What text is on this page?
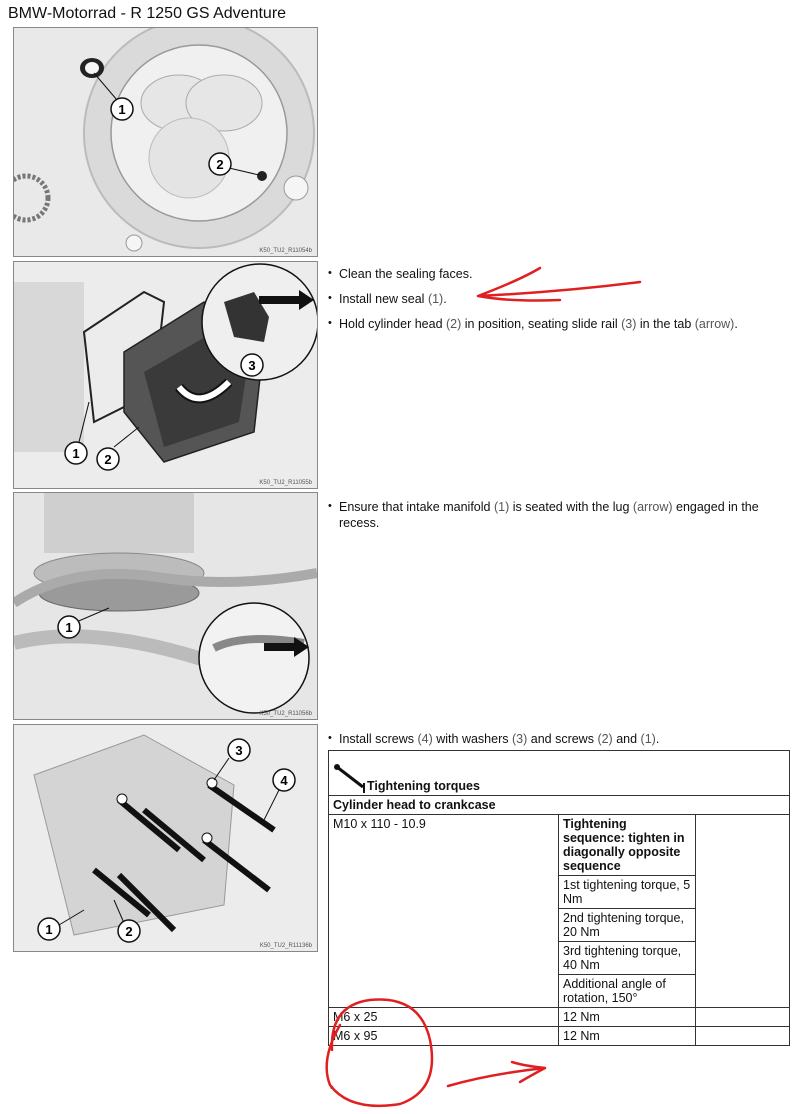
BMW-Motorrad - R 1250 GS Adventure
1
2
K50_TU2_R11054b
3
1 2
K50_TU2_R11055b
1
K50_TU2_R11056b
3
4
1	2
K50_TU2_R11136b
• Clean the sealing faces.
• Install new seal (1).
• Hold cylinder head (2) in position, seating slide rail (3) in the tab (arrow).
• Ensure that intake manifold (1) is seated with the lug (arrow) engaged in the recess.
• Install screws (4) with washers (3) and screws (2) and (1).
Tightening torques		
Cylinder head to crankcase		
M10 x 110 - 10.9	Tightening sequence: tighten in diagonally opposite sequence	
	1st tightening torque, 5 Nm	
	2nd tightening torque, 20 Nm	
	3rd tightening torque, 40 Nm	
	Additional angle of rotation, 150°	
M6 x 25	12 Nm	
M6 x 95	12 Nm	
•
